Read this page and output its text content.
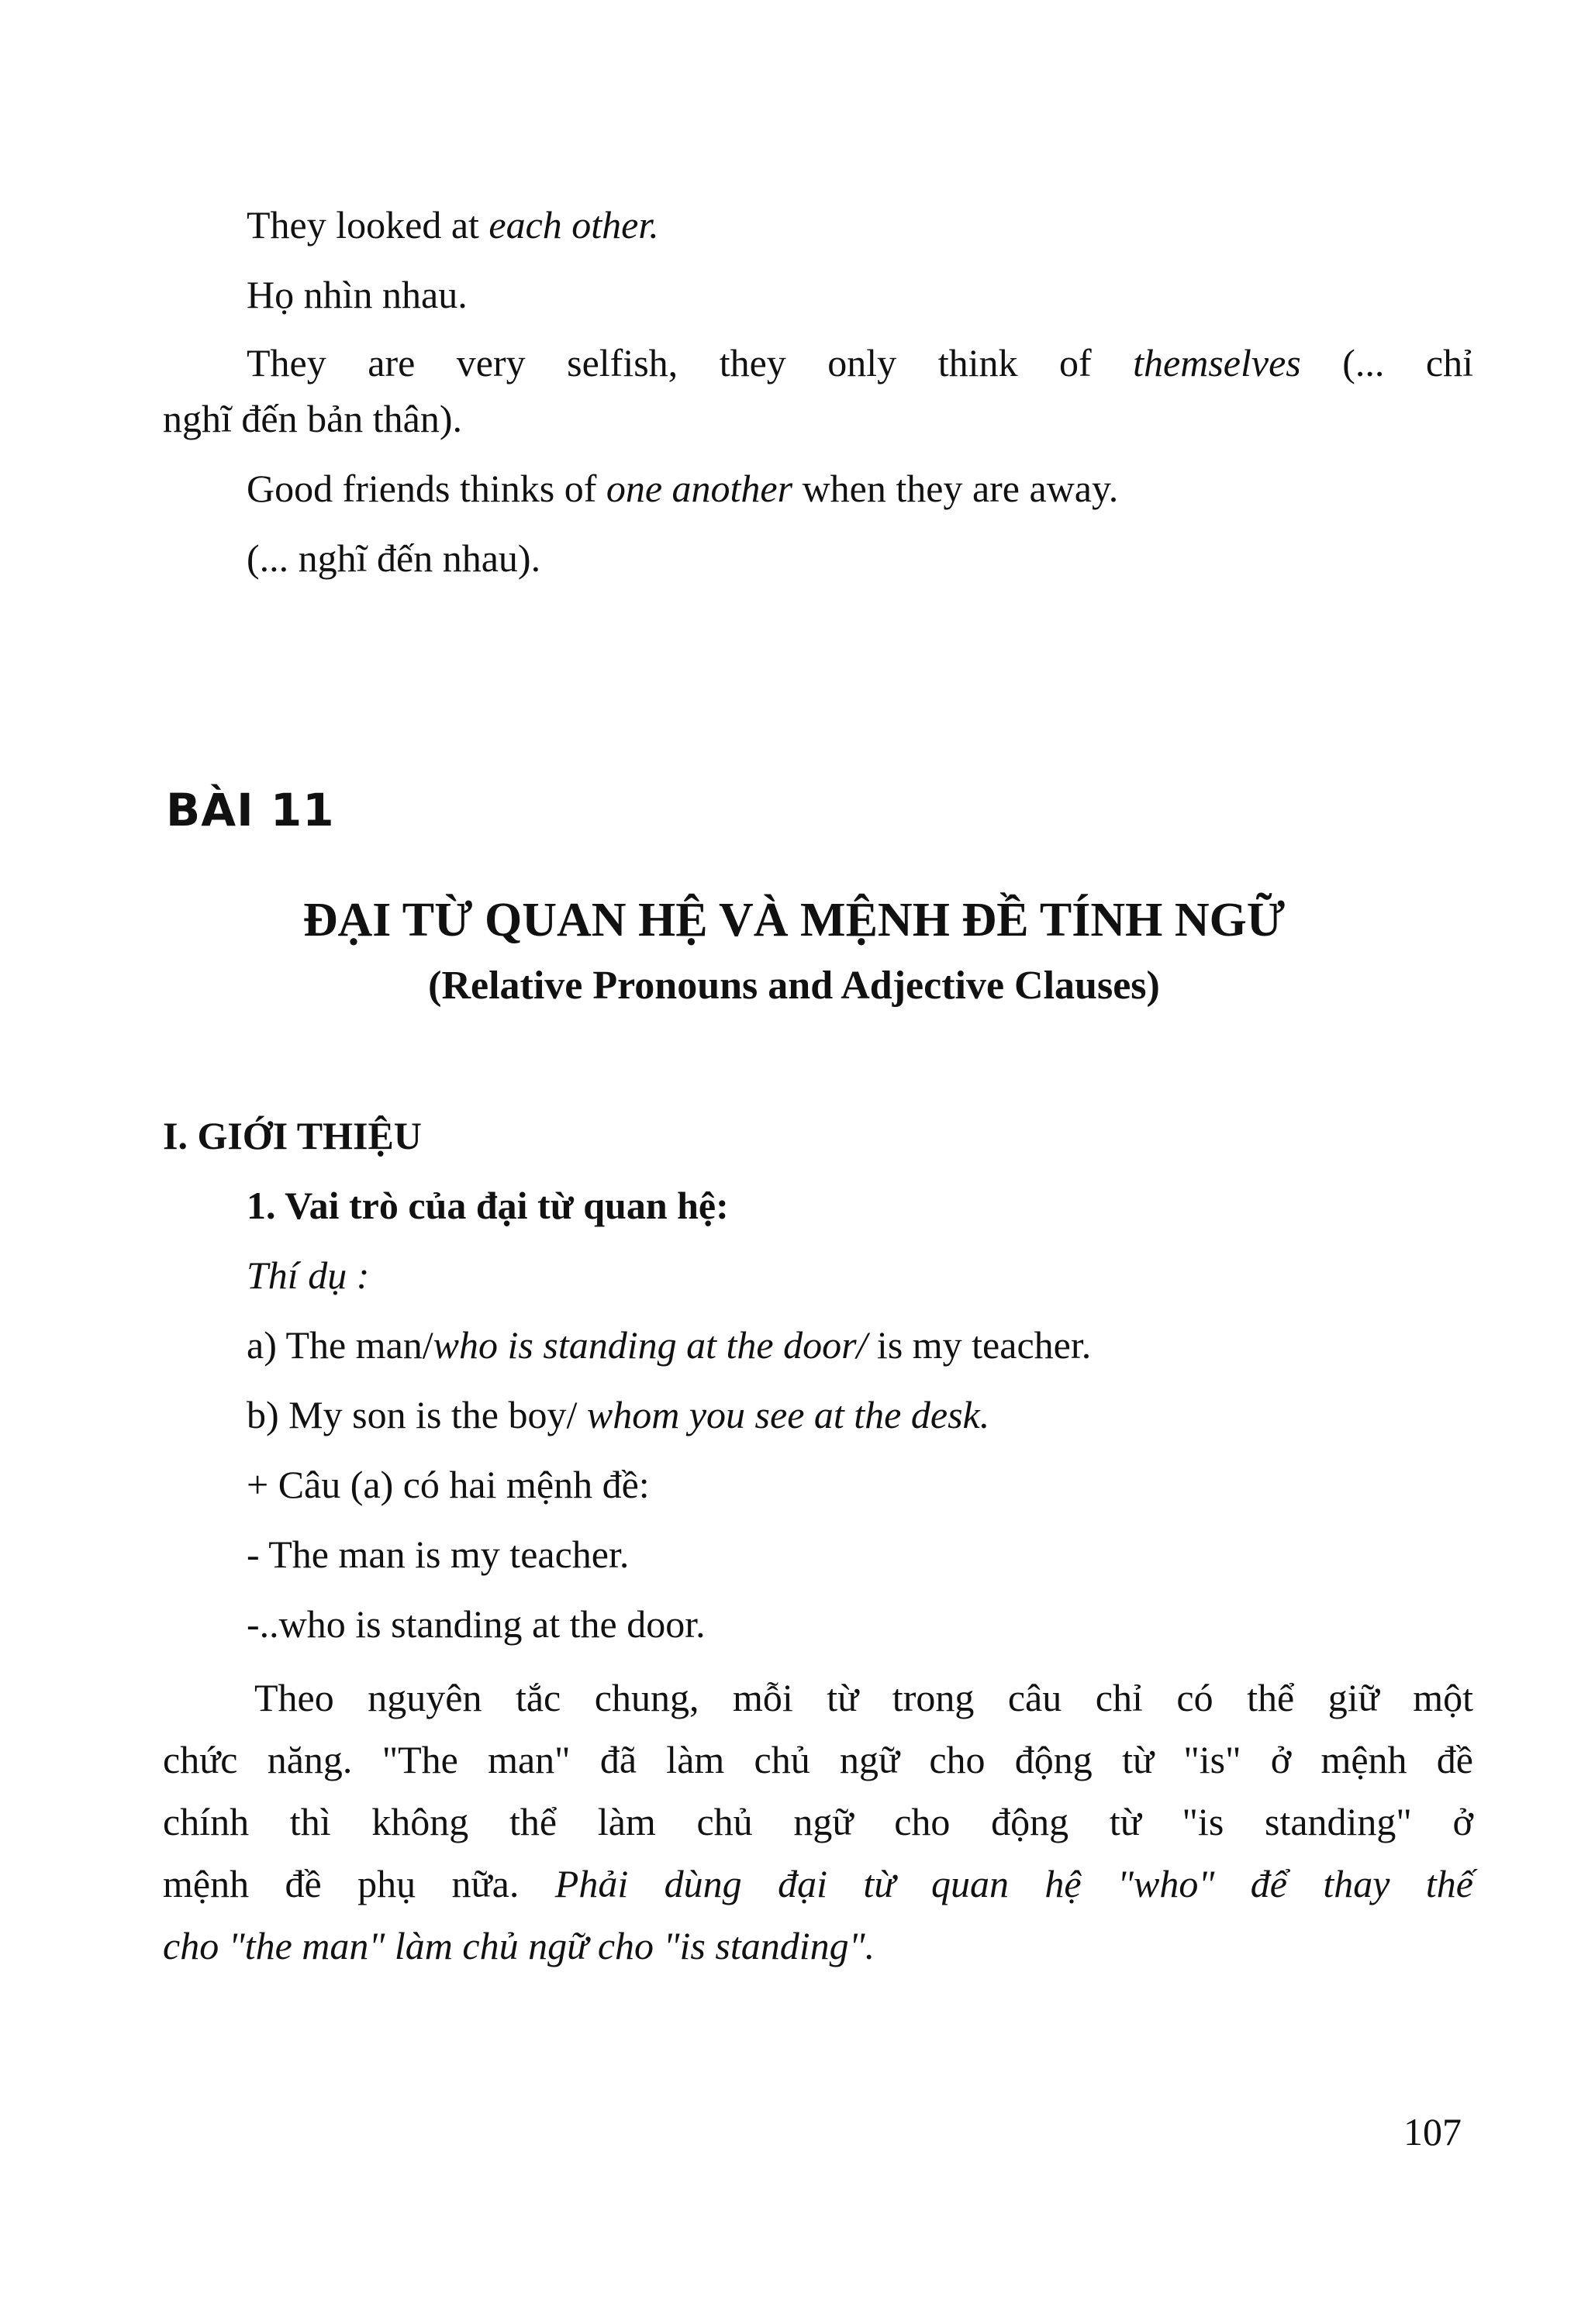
They looked at each other.
Họ nhìn nhau.
They are very selfish, they only think of themselves (... chỉ
nghĩ đến bản thân).
Good friends thinks of one another when they are away.
(... nghĩ đến nhau).
BÀI 11
ĐẠI TỪ QUAN HỆ VÀ MỆNH ĐỀ TÍNH NGỮ
(Relative Pronouns and Adjective Clauses)
I. GIỚI THIỆU
1. Vai trò của đại từ quan hệ:
Thí dụ :
a) The man/who is standing at the door/ is my teacher.
b) My son is the boy/ whom you see at the desk.
+ Câu (a) có hai mệnh đề:
- The man is my teacher.
-..who is standing at the door.
Theo nguyên tắc chung, mỗi từ trong câu chỉ có thể giữ một
chức năng. "The man" đã làm chủ ngữ cho động từ "is" ở mệnh đề
chính thì không thể làm chủ ngữ cho động từ "is standing" ở
mệnh đề phụ nữa. Phải dùng đại từ quan hệ "who" để thay thế
cho "the man" làm chủ ngữ cho "is standing".
107
